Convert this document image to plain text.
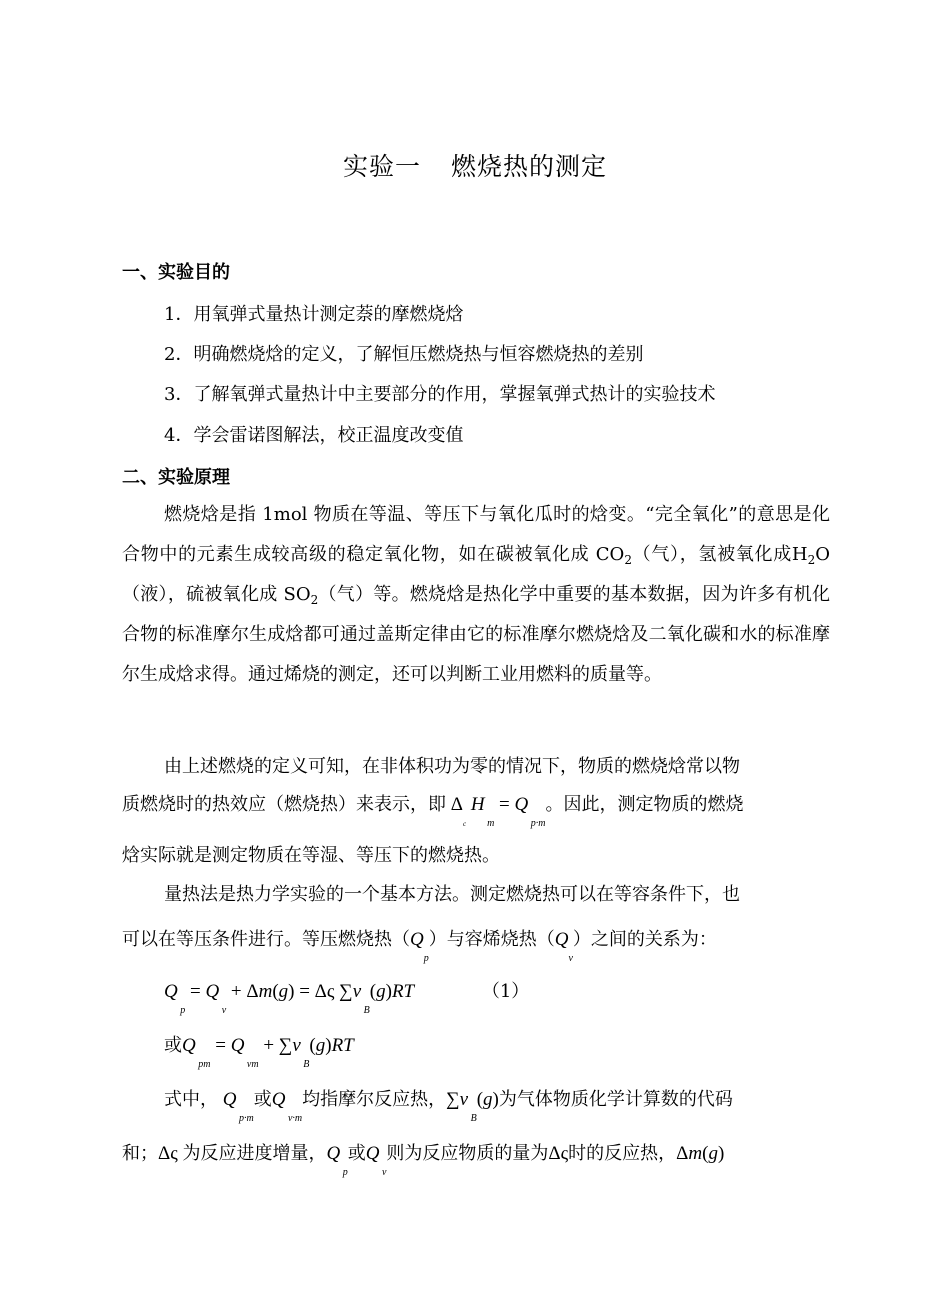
实验一 燃烧热的测定
一、实验目的
1．用氧弹式量热计测定萘的摩燃烧焓
2．明确燃烧焓的定义，了解恒压燃烧热与恒容燃烧热的差别
3．了解氧弹式量热计中主要部分的作用，掌握氧弹式热计的实验技术
4．学会雷诺图解法，校正温度改变值
二、实验原理

燃烧焓是指 1mol 物质在等温、等压下与氧化瓜时的焓变。“完全氧化”的意思是化合物中的元素生成较高级的稳定氧化物，如在碳被氧化成 $CO_2$（气），氢被氧化成$H_2O$（液），硫被氧化成 $SO_2$（气）等。燃烧焓是热化学中重要的基本数据，因为许多有机化合物的标准摩尔生成焓都可通过盖斯定律由它的标准摩尔燃烧焓及二氧化碳和水的标准摩尔生成焓求得。通过烯烧的测定，还可以判断工业用燃料的质量等。

由上述燃烧的定义可知，在非体积功为零的情况下，物质的燃烧焓常以物
质燃烧时的热效应（燃烧热）来表示，即 $\Delta_c$ H $_m$ = Q $_{p\cdot m}$。因此，测定物质的燃烧
焓实际就是测定物质在等湿、等压下的燃烧热。
量热法是热力学实验的一个基本方法。测定燃烧热可以在等容条件下，也
可以在等压条件进行。等压燃烧热$(Q_p)$与容烯烧热$(Q_v)$之间的关系为：
Q $_p$ = Q $_v$ + Δm(g) = Δς ∑v $_B$(g)RT	（1）
或Q $_{pm}$ = Q $_{vm}$ + ∑v $_B$(g)RT
式中， Q $_{p\cdot m}$或Q $_{v\cdot m}$均指摩尔反应热，∑v $_B$(g)为气体物质化学计算数的代码
和；Δς 为反应进度增量，Q $_p$或Q $_v$则为反应物质的量为Δς时的反应热，Δm(g)
